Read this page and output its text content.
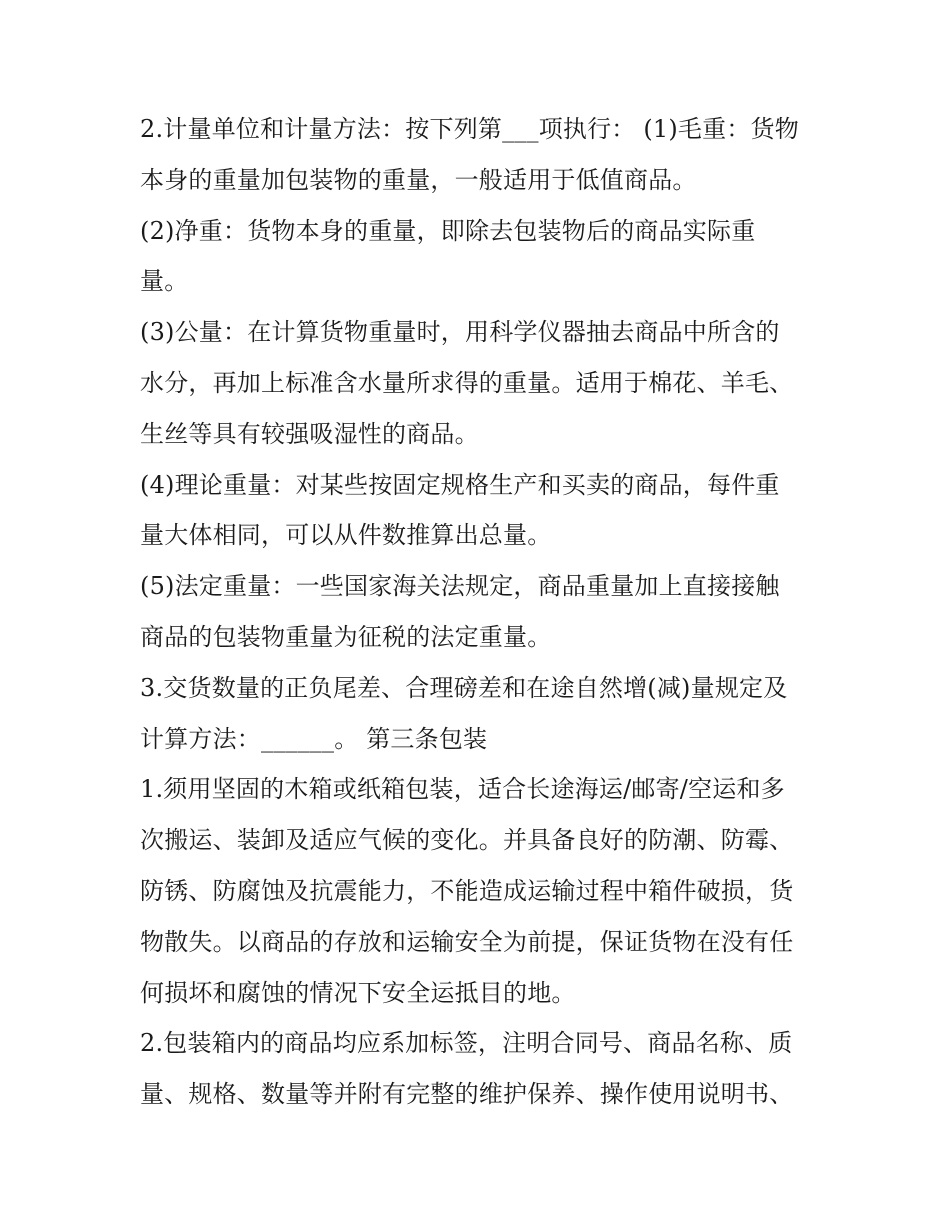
2.计量单位和计量方法：按下列第___项执行： (1)毛重：货物
本身的重量加包装物的重量，一般适用于低值商品。
(2)净重：货物本身的重量，即除去包装物后的商品实际重
量。
(3)公量：在计算货物重量时，用科学仪器抽去商品中所含的
水分，再加上标准含水量所求得的重量。适用于棉花、羊毛、
生丝等具有较强吸湿性的商品。
(4)理论重量：对某些按固定规格生产和买卖的商品，每件重
量大体相同，可以从件数推算出总量。
(5)法定重量：一些国家海关法规定，商品重量加上直接接触
商品的包装物重量为征税的法定重量。
3.交货数量的正负尾差、合理磅差和在途自然增(减)量规定及
计算方法：______。 第三条包装
1.须用坚固的木箱或纸箱包装，适合长途海运/邮寄/空运和多
次搬运、装卸及适应气候的变化。并具备良好的防潮、防霉、
防锈、防腐蚀及抗震能力，不能造成运输过程中箱件破损，货
物散失。以商品的存放和运输安全为前提，保证货物在没有任
何损坏和腐蚀的情况下安全运抵目的地。
2.包装箱内的商品均应系加标签，注明合同号、商品名称、质
量、规格、数量等并附有完整的维护保养、操作使用说明书、
